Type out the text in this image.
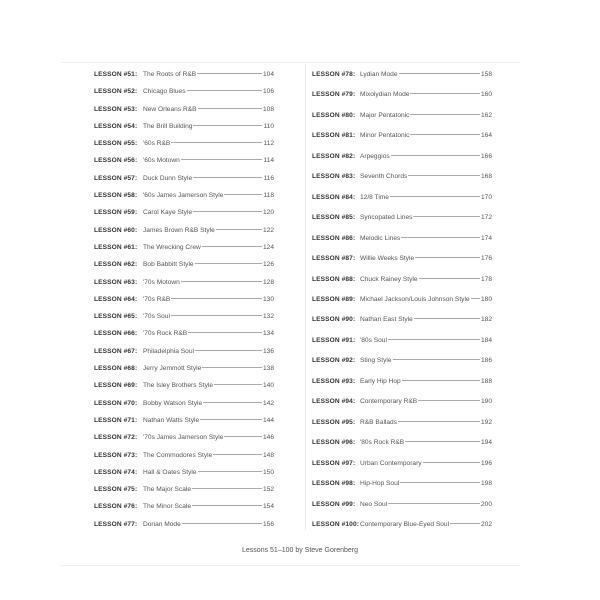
LESSON #51: The Roots of R&B	104
LESSON #52: Chicago Blues	106
LESSON #53: New Orleans R&B	108
LESSON #54: The Brill Building	110
LESSON #55: '60s R&B	112
LESSON #56: '60s Motown	114
LESSON #57: Duck Dunn Style	116
LESSON #58: '60s James Jamerson Style	118
LESSON #59: Carol Kaye Style	120
LESSON #60: James Brown R&B Style	122
LESSON #61: The Wrecking Crew	124
LESSON #62: Bob Babbitt Style	126
LESSON #63: '70s Motown	128
LESSON #64: '70s R&B	130
LESSON #65: '70s Soul	132
LESSON #66: '70s Rock R&B	134
LESSON #67: Philadelphia Soul	136
LESSON #68: Jerry Jemmott Style	138
LESSON #69: The Isley Brothers Style	140
LESSON #70: Bobby Watson Style	142
LESSON #71: Nathan Watts Style	144
LESSON #72: '70s James Jamerson Style	146
LESSON #73: The Commodores Style	148
LESSON #74: Hall & Oates Style	150
LESSON #75: The Major Scale	152
LESSON #76: The Minor Scale	154
LESSON #77: Dorian Mode	156
LESSON #78: Lydian Mode	158
LESSON #79: Mixolydian Mode	160
LESSON #80: Major Pentatonic	162
LESSON #81: Minor Pentatonic	164
LESSON #82: Arpeggios	166
LESSON #83: Seventh Chords	168
LESSON #84: 12/8 Time	170
LESSON #85: Syncopated Lines	172
LESSON #86: Melodic Lines	174
LESSON #87: Willie Weeks Style	176
LESSON #88: Chuck Rainey Style	178
LESSON #89: Michael Jackson/Louis Johnson Style 180
LESSON #90: Nathan East Style	182
LESSON #91: '80s Soul	184
LESSON #92: Sting Style	186
LESSON #93: Early Hip Hop	188
LESSON #94: Contemporary R&B	190
LESSON #95: R&B Ballads	192
LESSON #96: '80s Rock R&B	194
LESSON #97: Urban Contemporary	196
LESSON #98: Hip-Hop Soul	198
LESSON #99: Neo Soul	200
LESSON #100: Contemporary Blue-Eyed Soul	202
Lessons 51–100 by Steve Gorenberg
